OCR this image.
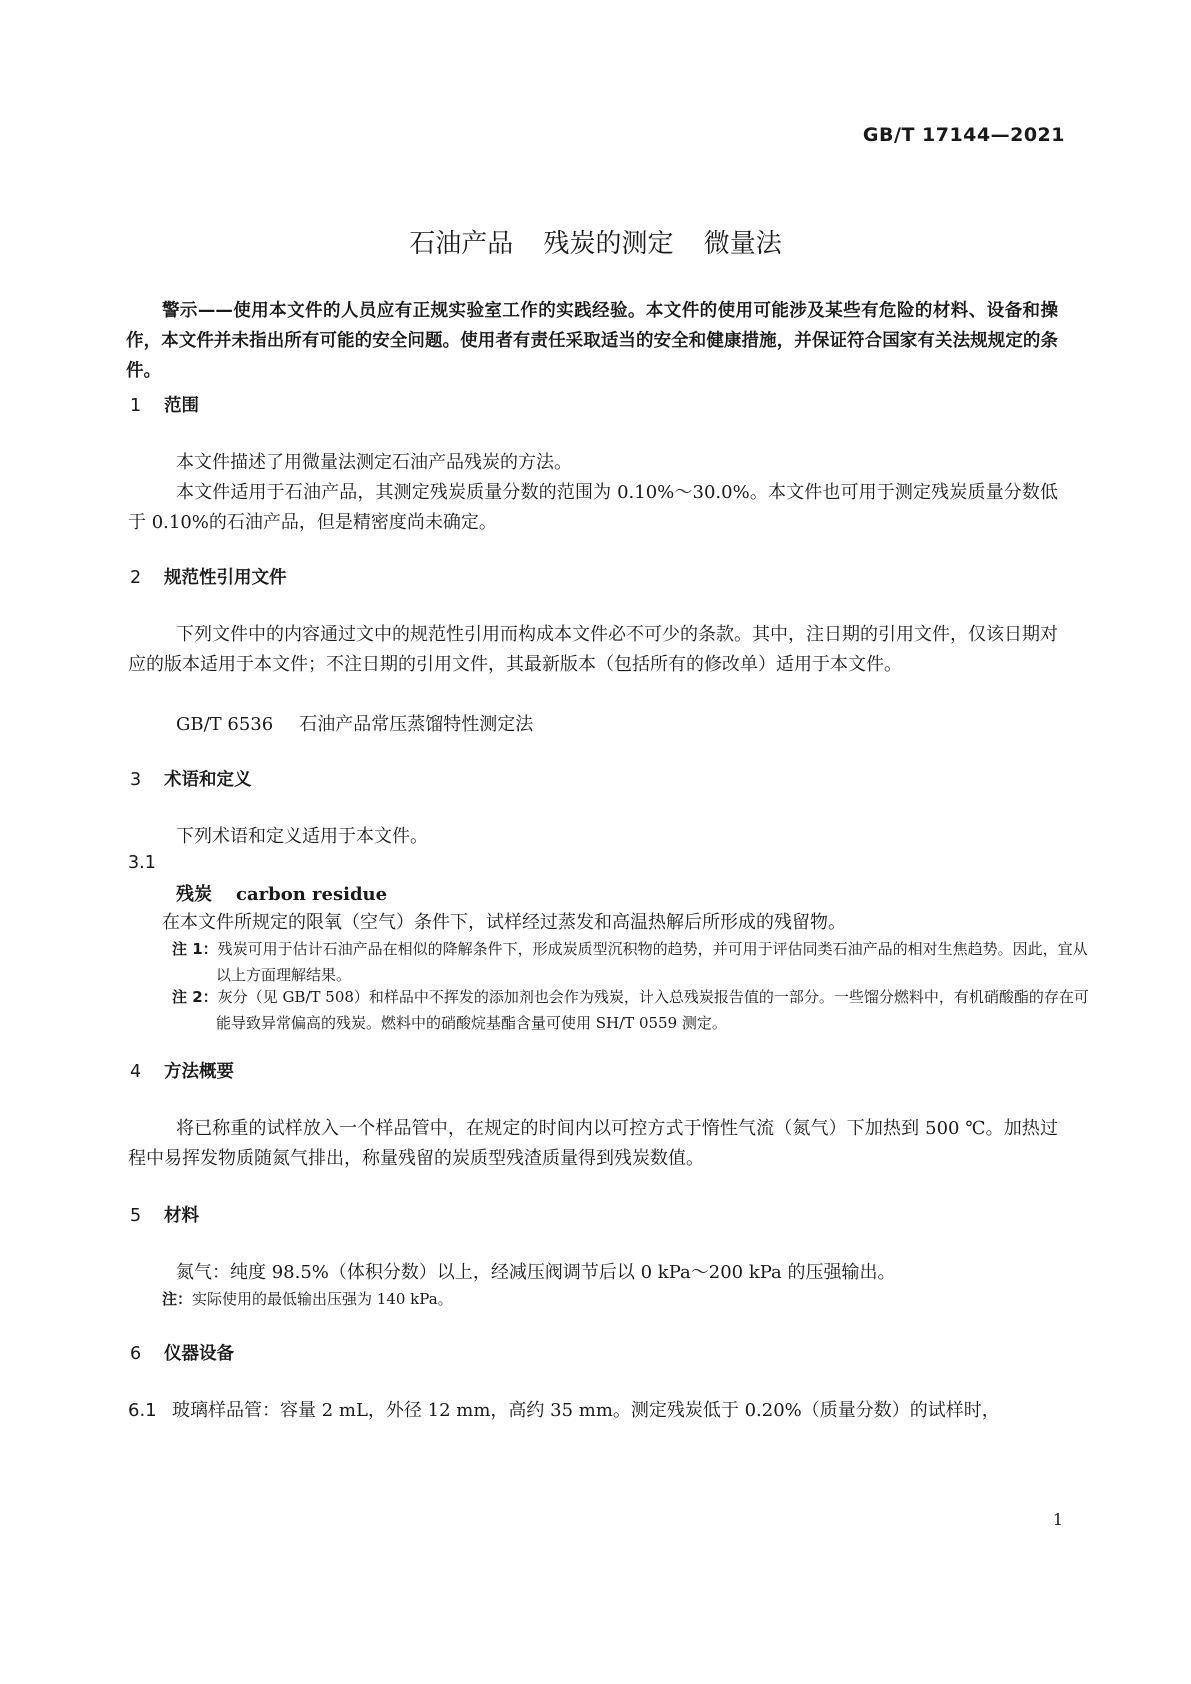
GB/T 17144—2021
石油产品 残炭的测定 微量法
警示——使用本文件的人员应有正规实验室工作的实践经验。本文件的使用可能涉及某些有危险的材料、设备和操作，本文件并未指出所有可能的安全问题。使用者有责任采取适当的安全和健康措施，并保证符合国家有关法规规定的条件。
1 范围
本文件描述了用微量法测定石油产品残炭的方法。
本文件适用于石油产品，其测定残炭质量分数的范围为 0.10%～30.0%。本文件也可用于测定残炭质量分数低于 0.10%的石油产品，但是精密度尚未确定。
2 规范性引用文件
下列文件中的内容通过文中的规范性引用而构成本文件必不可少的条款。其中，注日期的引用文件，仅该日期对应的版本适用于本文件；不注日期的引用文件，其最新版本（包括所有的修改单）适用于本文件。
GB/T 6536 石油产品常压蒸馏特性测定法
3 术语和定义
下列术语和定义适用于本文件。
3.1
残炭 carbon residue
在本文件所规定的限氧（空气）条件下，试样经过蒸发和高温热解后所形成的残留物。
注 1：残炭可用于估计石油产品在相似的降解条件下，形成炭质型沉积物的趋势，并可用于评估同类石油产品的相对生焦趋势。因此，宜从以上方面理解结果。
注 2：灰分（见 GB/T 508）和样品中不挥发的添加剂也会作为残炭，计入总残炭报告值的一部分。一些馏分燃料中，有机硝酸酯的存在可能导致异常偏高的残炭。燃料中的硝酸烷基酯含量可使用 SH/T 0559 测定。
4 方法概要
将已称重的试样放入一个样品管中，在规定的时间内以可控方式于惰性气流（氮气）下加热到 500 ℃。加热过程中易挥发物质随氮气排出，称量残留的炭质型残渣质量得到残炭数值。
5 材料
氮气：纯度 98.5%（体积分数）以上，经减压阀调节后以 0 kPa～200 kPa 的压强输出。
注：实际使用的最低输出压强为 140 kPa。
6 仪器设备
6.1 玻璃样品管：容量 2 mL，外径 12 mm，高约 35 mm。测定残炭低于 0.20%（质量分数）的试样时，
1
